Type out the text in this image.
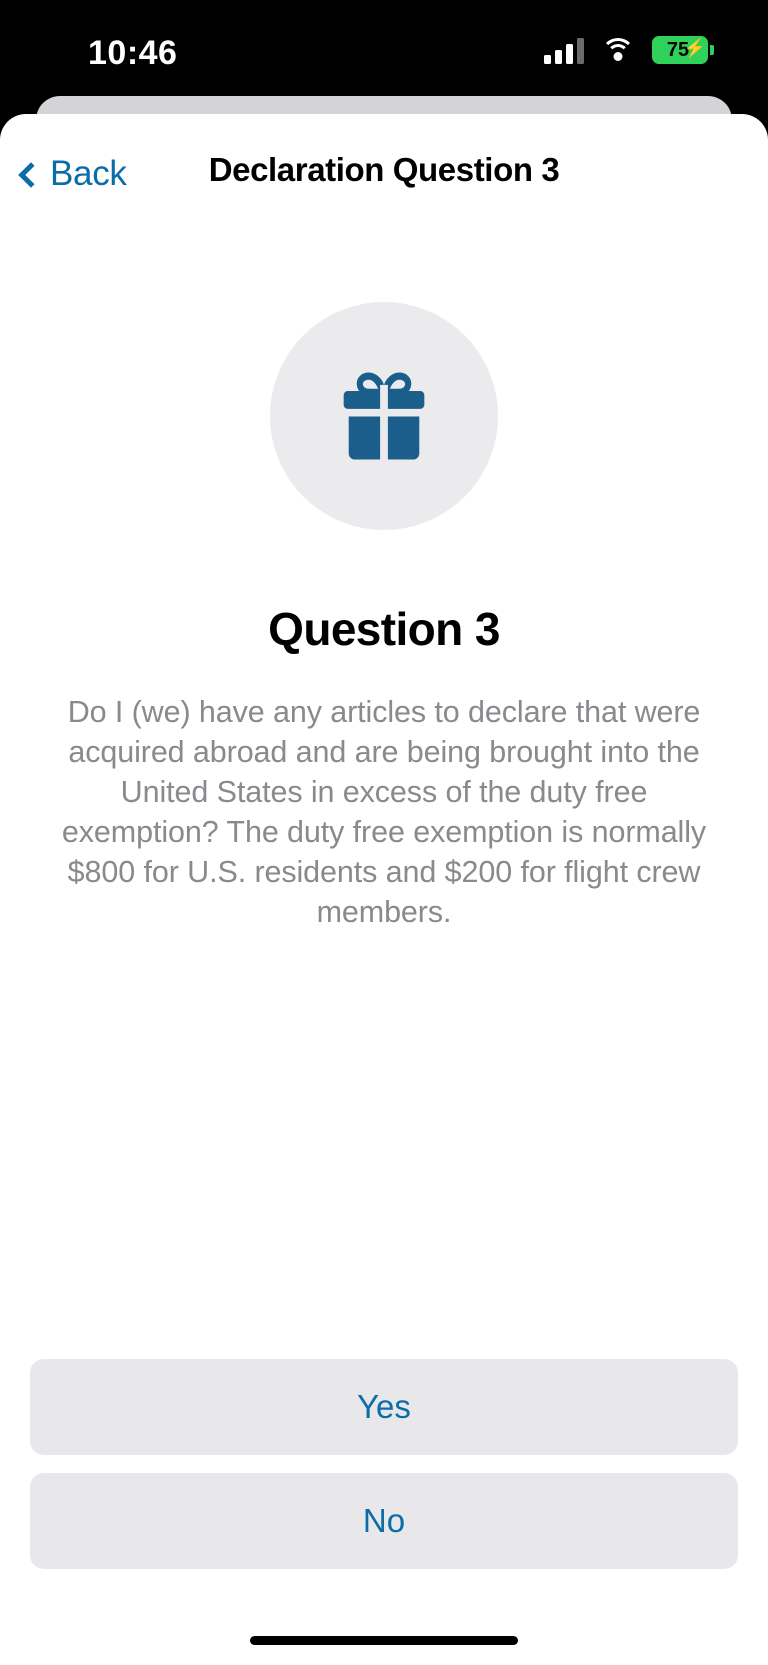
10:46	75
⚡
Back	Declaration Question 3
Question 3
Do I (we) have any articles to declare that were acquired abroad and are being brought into the United States in excess of the duty free exemption? The duty free exemption is normally $800 for U.S. residents and $200 for flight crew members.
Yes
No
